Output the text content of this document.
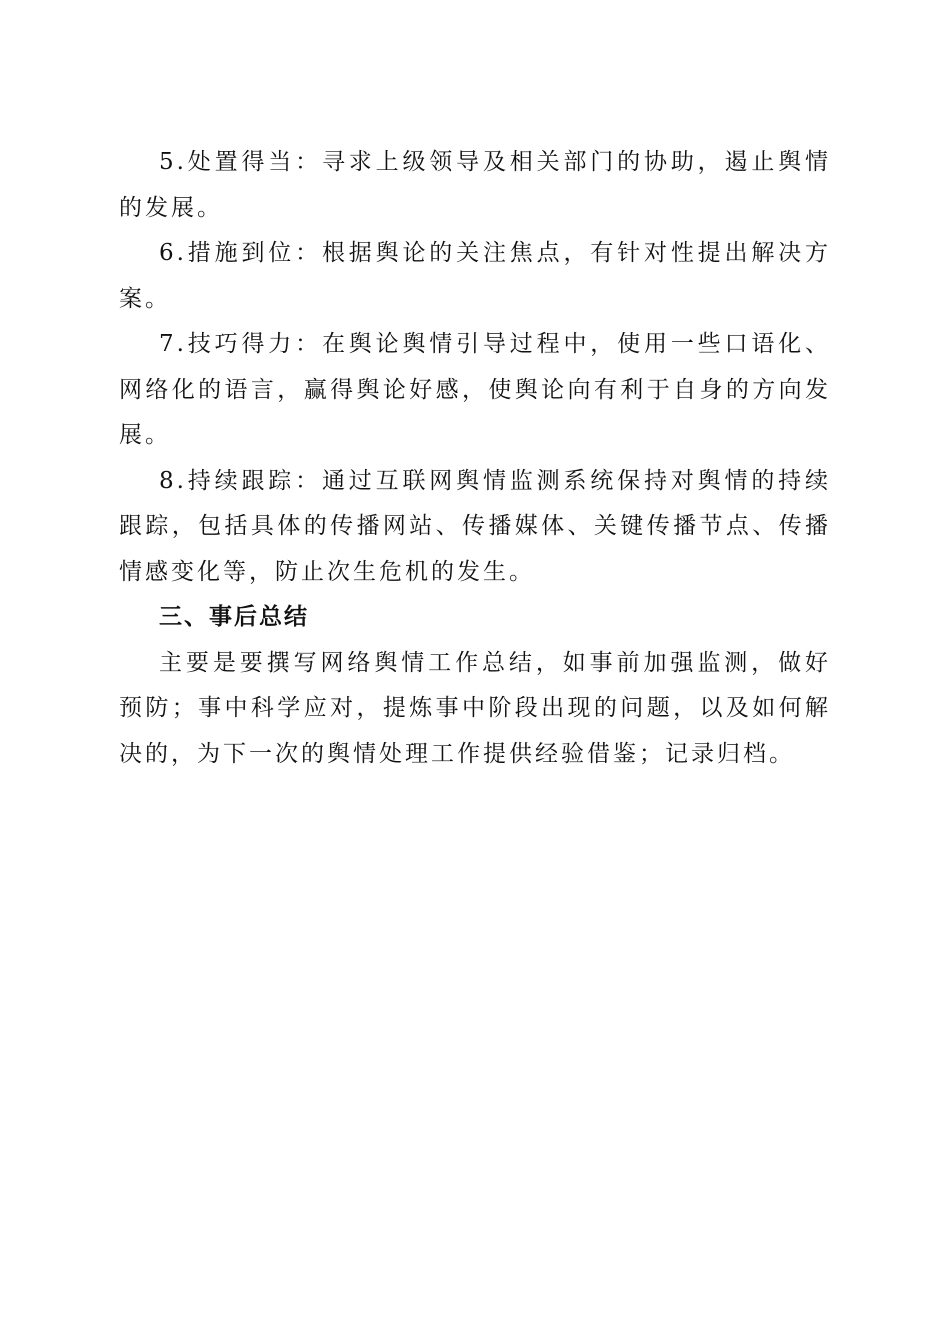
5.处置得当：寻求上级领导及相关部门的协助，遏止舆情的发展。

6.措施到位：根据舆论的关注焦点，有针对性提出解决方案。

7.技巧得力：在舆论舆情引导过程中，使用一些口语化、网络化的语言，赢得舆论好感，使舆论向有利于自身的方向发展。

8.持续跟踪：通过互联网舆情监测系统保持对舆情的持续跟踪，包括具体的传播网站、传播媒体、关键传播节点、传播情感变化等，防止次生危机的发生。

三、事后总结

主要是要撰写网络舆情工作总结，如事前加强监测，做好预防；事中科学应对，提炼事中阶段出现的问题，以及如何解决的，为下一次的舆情处理工作提供经验借鉴；记录归档。
